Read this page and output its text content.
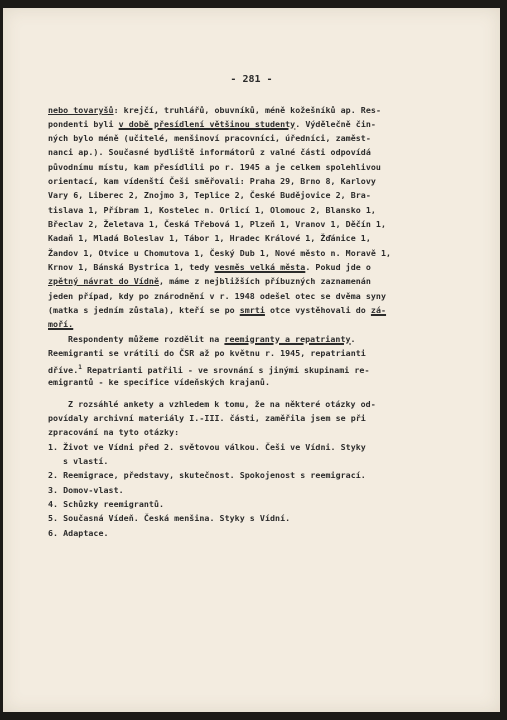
- 281 -
nebo tovaryšů: krejčí, truhlářů, obuvníků, méně kožešníků ap. Res-
pondenti byli v době přesídlení většinou studenty. Výdělečně čin-
ných bylo méně (učitelé, menšinoví pracovníci, úředníci, zaměst-
nanci ap.). Současné bydliště informátorů z valné části odpovídá
původnímu místu, kam přesídlili po r. 1945 a je celkem spolehlivou
orientací, kam vídenští Češi směřovali: Praha 29, Brno 8, Karlovy
Vary 6, Liberec 2, Znojmo 3, Teplice 2, České Budějovice 2, Bra-
tislava 1, Příbram 1, Kostelec n. Orlicí 1, Olomouc 2, Blansko 1,
Břeclav 2, Želetava 1, Česká Třebová 1, Plzeň 1, Vranov 1, Děčín 1,
Kadaň 1, Mladá Boleslav 1, Tábor 1, Hradec Králové 1, Žďánice 1,
Žandov 1, Otvice u Chomutova 1, Český Dub 1, Nové město n. Moravě 1,
Krnov 1, Bánská Bystrica 1, tedy vesměs velká města. Pokud jde o
zpětný návrat do Vídně, máme z nejbližších příbuzných zaznamenán
jeden případ, kdy po znárodnění v r. 1948 odešel otec se dvěma syny
(matka s jedním zůstala), kteří se po smrti otce vystěhovali do zá-
moří.
Respondenty můžeme rozdělit na reemigranty a repatrianty.
Reemigranti se vrátili do ČSR až po květnu r. 1945, repatrianti
dříve.$^1$ Repatrianti patřili - ve srovnání s jinými skupinami re-
emigrantů - ke specifice vídeňských krajanů.
Z rozsáhlé ankety a vzhledem k tomu, že na některé otázky od-
povídaly archivní materiály I.-III. části, zaměřila jsem se při
zpracování na tyto otázky:
1. Život ve Vídni před 2. světovou válkou. Češi ve Vídni. Styky
s vlastí.
2. Reemigrace, představy, skutečnost. Spokojenost s reemigrací.
3. Domov-vlast.
4. Schůzky reemigrantů.
5. Současná Vídeň. Česká menšina. Styky s Vídní.
6. Adaptace.
